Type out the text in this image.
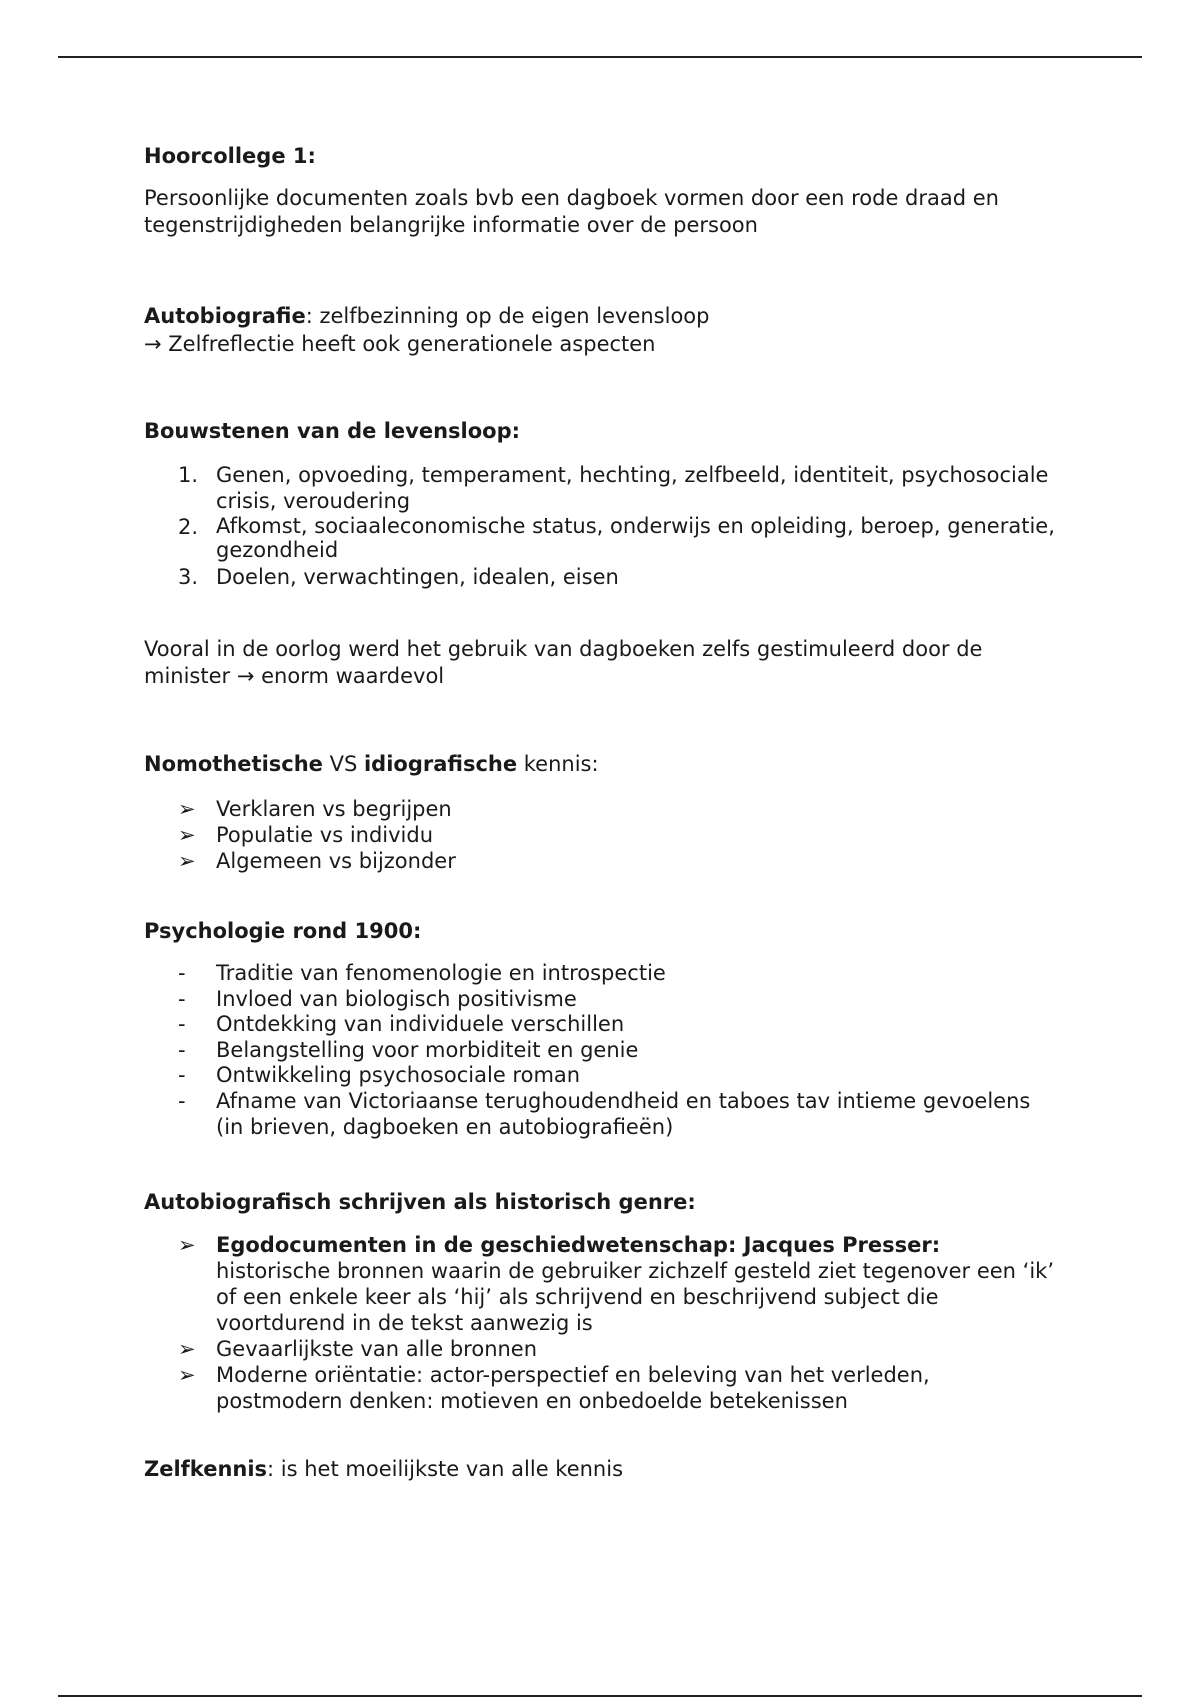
Hoorcollege 1:

Persoonlijke documenten zoals bvb een dagboek vormen door een rode draad en tegenstrijdigheden belangrijke informatie over de persoon

Autobiografie: zelfbezinning op de eigen levensloop
→ Zelfreflectie heeft ook generationele aspecten
Bouwstenen van de levensloop:
1. Genen, opvoeding, temperament, hechting, zelfbeeld, identiteit, psychosociale crisis, veroudering
2. Afkomst, sociaaleconomische status, onderwijs en opleiding, beroep, generatie, gezondheid
3. Doelen, verwachtingen, idealen, eisen

Vooral in de oorlog werd het gebruik van dagboeken zelfs gestimuleerd door de minister → enorm waardevol

Nomothetische VS idiografische kennis:
➢ Verklaren vs begrijpen
➢ Populatie vs individu
➢ Algemeen vs bijzonder
Psychologie rond 1900:
-	Traditie van fenomenologie en introspectie
-	Invloed van biologisch positivisme
-	Ontdekking van individuele verschillen
-	Belangstelling voor morbiditeit en genie
-	Ontwikkeling psychosociale roman
-	Afname van Victoriaanse terughoudendheid en taboes tav intieme gevoelens (in brieven, dagboeken en autobiografieën)
Autobiografisch schrijven als historisch genre:
➢ Egodocumenten in de geschiedwetenschap: Jacques Presser:
historische bronnen waarin de gebruiker zichzelf gesteld ziet tegenover een ‘ik’ of een enkele keer als ‘hij’ als schrijvend en beschrijvend subject die voortdurend in de tekst aanwezig is
➢ Gevaarlijkste van alle bronnen
➢ Moderne oriëntatie: actor-perspectief en beleving van het verleden, postmodern denken: motieven en onbedoelde betekenissen
Zelfkennis: is het moeilijkste van alle kennis
